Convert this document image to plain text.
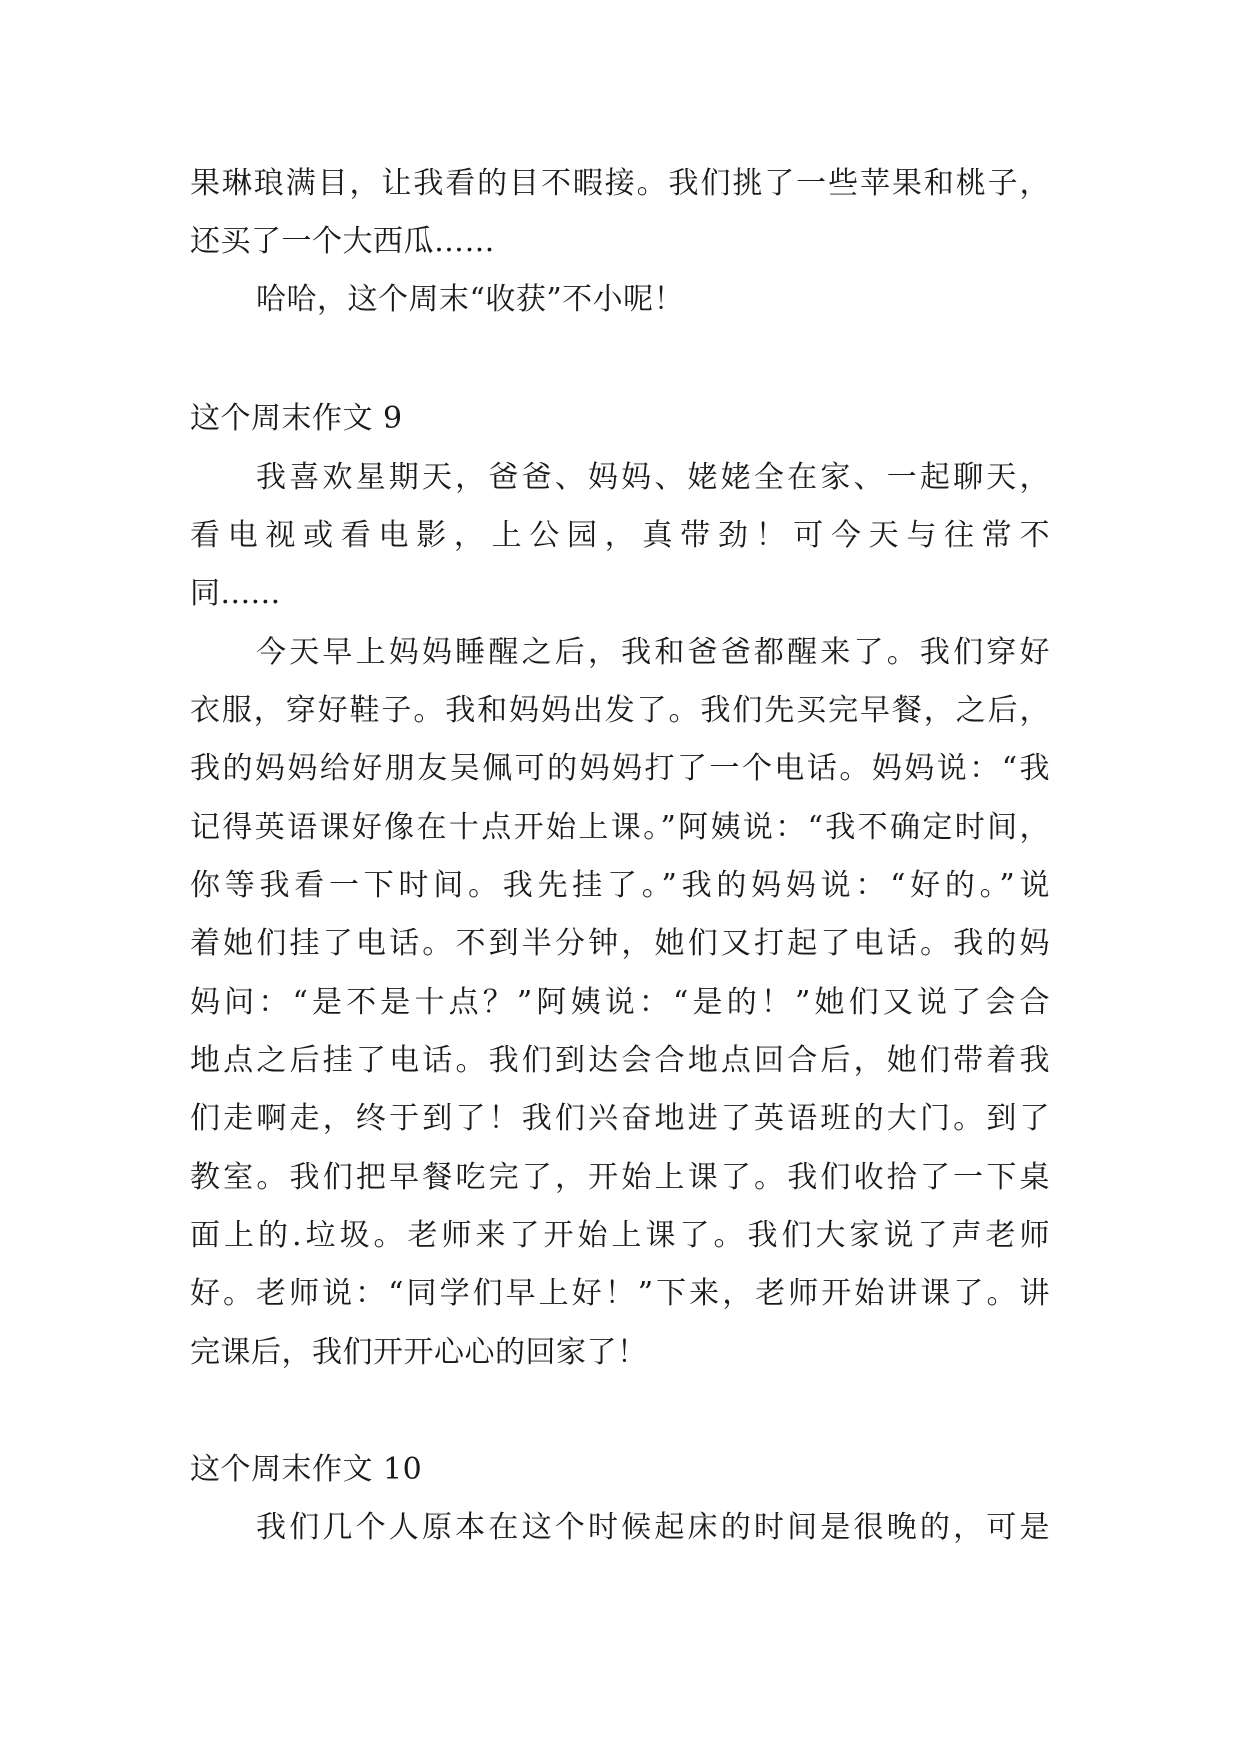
果琳琅满目，让我看的目不暇接。我们挑了一些苹果和桃子，
还买了一个大西瓜……
哈哈，这个周末“收获”不小呢！
这个周末作文 9
我喜欢星期天，爸爸、妈妈、姥姥全在家、一起聊天，
看电视或看电影，上公园，真带劲！可今天与往常不
同......
今天早上妈妈睡醒之后，我和爸爸都醒来了。我们穿好
衣服，穿好鞋子。我和妈妈出发了。我们先买完早餐，之后，
我的妈妈给好朋友吴佩可的妈妈打了一个电话。妈妈说：“我
记得英语课好像在十点开始上课。”阿姨说：“我不确定时间，
你等我看一下时间。我先挂了。”我的妈妈说：“好的。”说
着她们挂了电话。不到半分钟，她们又打起了电话。我的妈
妈问：“是不是十点？”阿姨说：“是的！”她们又说了会合
地点之后挂了电话。我们到达会合地点回合后，她们带着我
们走啊走，终于到了！我们兴奋地进了英语班的大门。到了
教室。我们把早餐吃完了，开始上课了。我们收拾了一下桌
面上的.垃圾。老师来了开始上课了。我们大家说了声老师
好。老师说：“同学们早上好！”下来，老师开始讲课了。讲
完课后，我们开开心心的回家了！
这个周末作文 10
我们几个人原本在这个时候起床的时间是很晚的，可是
